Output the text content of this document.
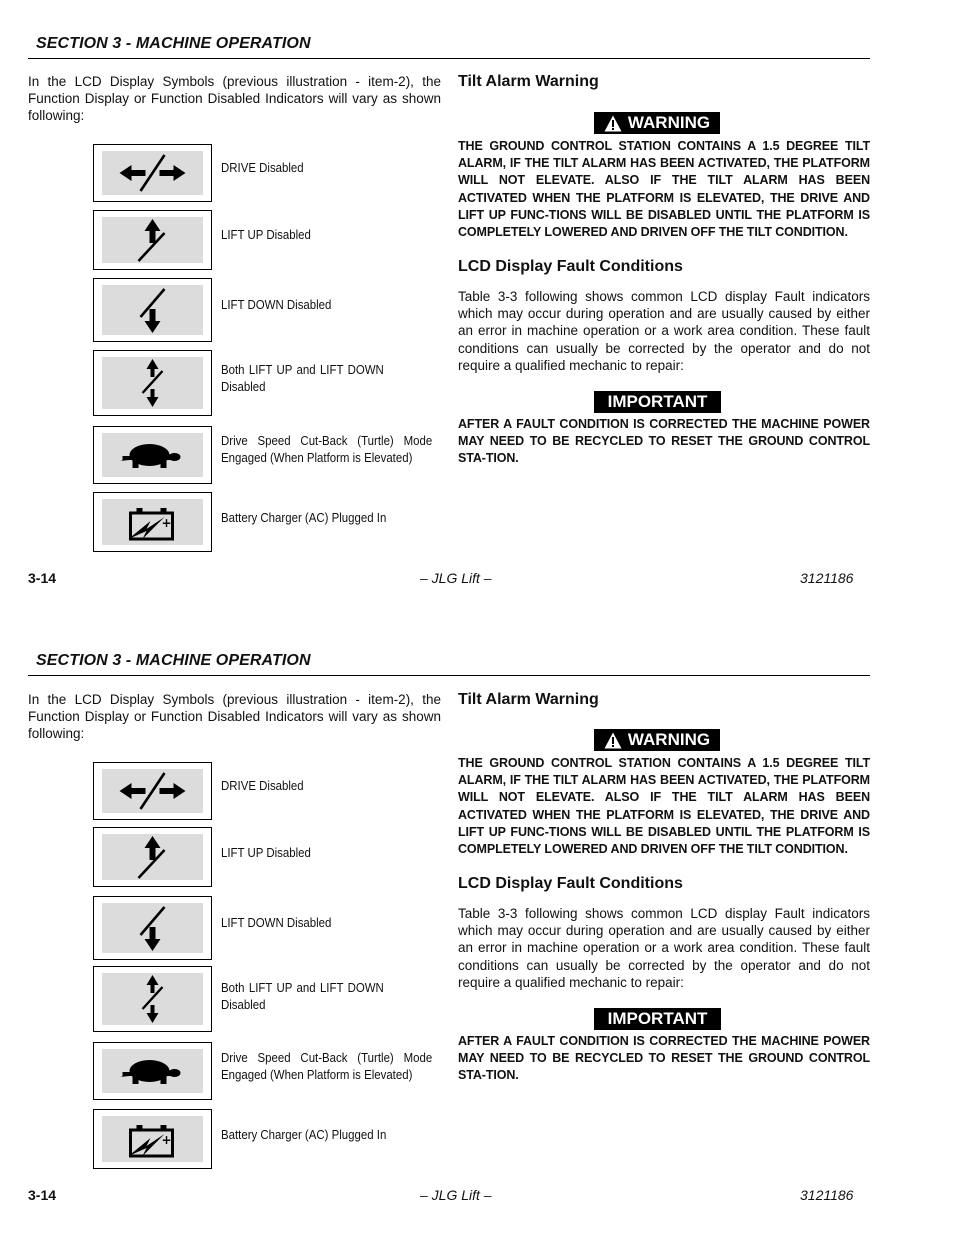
SECTION 3 - MACHINE OPERATION
In the LCD Display Symbols (previous illustration - item-2), the Function Display or Function Disabled Indicators will vary as shown following:
DRIVE Disabled
LIFT UP Disabled
LIFT DOWN Disabled
Both LIFT UP and LIFT DOWN Disabled
Drive Speed Cut-Back (Turtle) Mode Engaged (When Platform is Elevated)
+	Battery Charger (AC) Plugged In
Tilt Alarm Warning
WARNING
THE GROUND CONTROL STATION CONTAINS A 1.5 DEGREE TILT ALARM, IF THE TILT ALARM HAS BEEN ACTIVATED, THE PLATFORM WILL NOT ELEVATE. ALSO IF THE TILT ALARM HAS BEEN ACTIVATED WHEN THE PLATFORM IS ELEVATED, THE DRIVE AND LIFT UP FUNC-TIONS WILL BE DISABLED UNTIL THE PLATFORM IS COMPLETELY LOWERED AND DRIVEN OFF THE TILT CONDITION.
LCD Display Fault Conditions
Table 3-3 following shows common LCD display Fault indicators which may occur during operation and are usually caused by either an error in machine operation or a work area condition. These fault conditions can usually be corrected by the operator and do not require a qualified mechanic to repair:
IMPORTANT
AFTER A FAULT CONDITION IS CORRECTED THE MACHINE POWER MAY NEED TO BE RECYCLED TO RESET THE GROUND CONTROL STA-TION.
3-14	– JLG Lift –	3121186
SECTION 3 - MACHINE OPERATION
In the LCD Display Symbols (previous illustration - item-2), the Function Display or Function Disabled Indicators will vary as shown following:
DRIVE Disabled
LIFT UP Disabled
LIFT DOWN Disabled
Both LIFT UP and LIFT DOWN Disabled
Drive Speed Cut-Back (Turtle) Mode Engaged (When Platform is Elevated)
+	Battery Charger (AC) Plugged In
Tilt Alarm Warning
WARNING
THE GROUND CONTROL STATION CONTAINS A 1.5 DEGREE TILT ALARM, IF THE TILT ALARM HAS BEEN ACTIVATED, THE PLATFORM WILL NOT ELEVATE. ALSO IF THE TILT ALARM HAS BEEN ACTIVATED WHEN THE PLATFORM IS ELEVATED, THE DRIVE AND LIFT UP FUNC-TIONS WILL BE DISABLED UNTIL THE PLATFORM IS COMPLETELY LOWERED AND DRIVEN OFF THE TILT CONDITION.
LCD Display Fault Conditions
Table 3-3 following shows common LCD display Fault indicators which may occur during operation and are usually caused by either an error in machine operation or a work area condition. These fault conditions can usually be corrected by the operator and do not require a qualified mechanic to repair:
IMPORTANT
AFTER A FAULT CONDITION IS CORRECTED THE MACHINE POWER MAY NEED TO BE RECYCLED TO RESET THE GROUND CONTROL STA-TION.
3-14	– JLG Lift –	3121186
